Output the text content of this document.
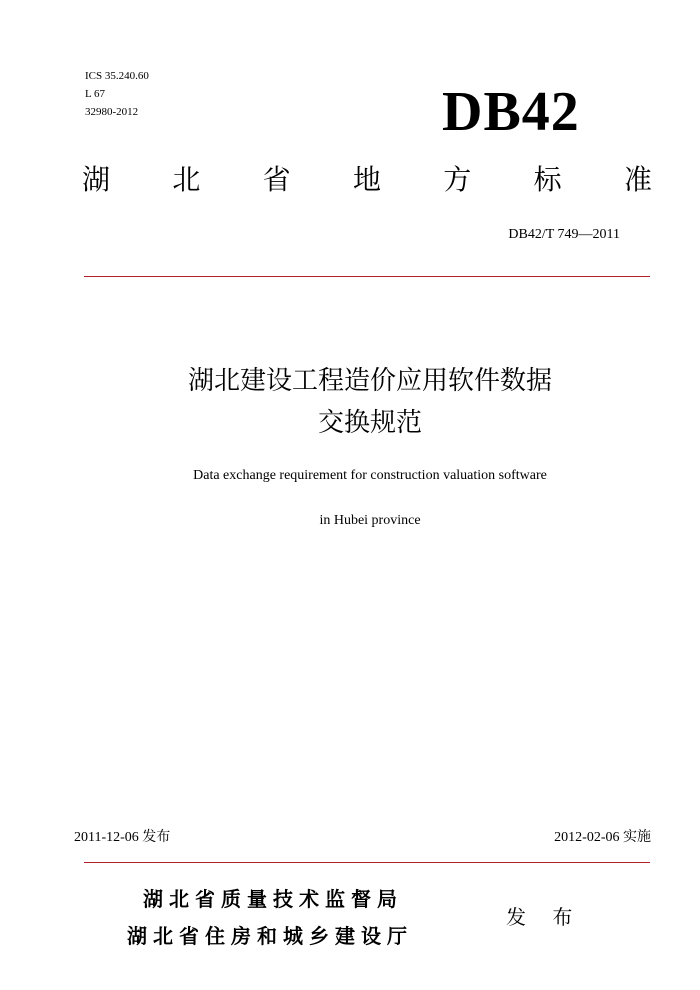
ICS 35.240.60
L 67
32980-2012	DB42
湖 北 省 地 方 标 准
DB42/T 749—2011
湖北建设工程造价应用软件数据
交换规范
Data exchange requirement for construction valuation software
in Hubei province
2011-12-06 发布	2012-02-06 实施
湖北省质量技术监督局
湖北省住房和城乡建设厅
发 布
